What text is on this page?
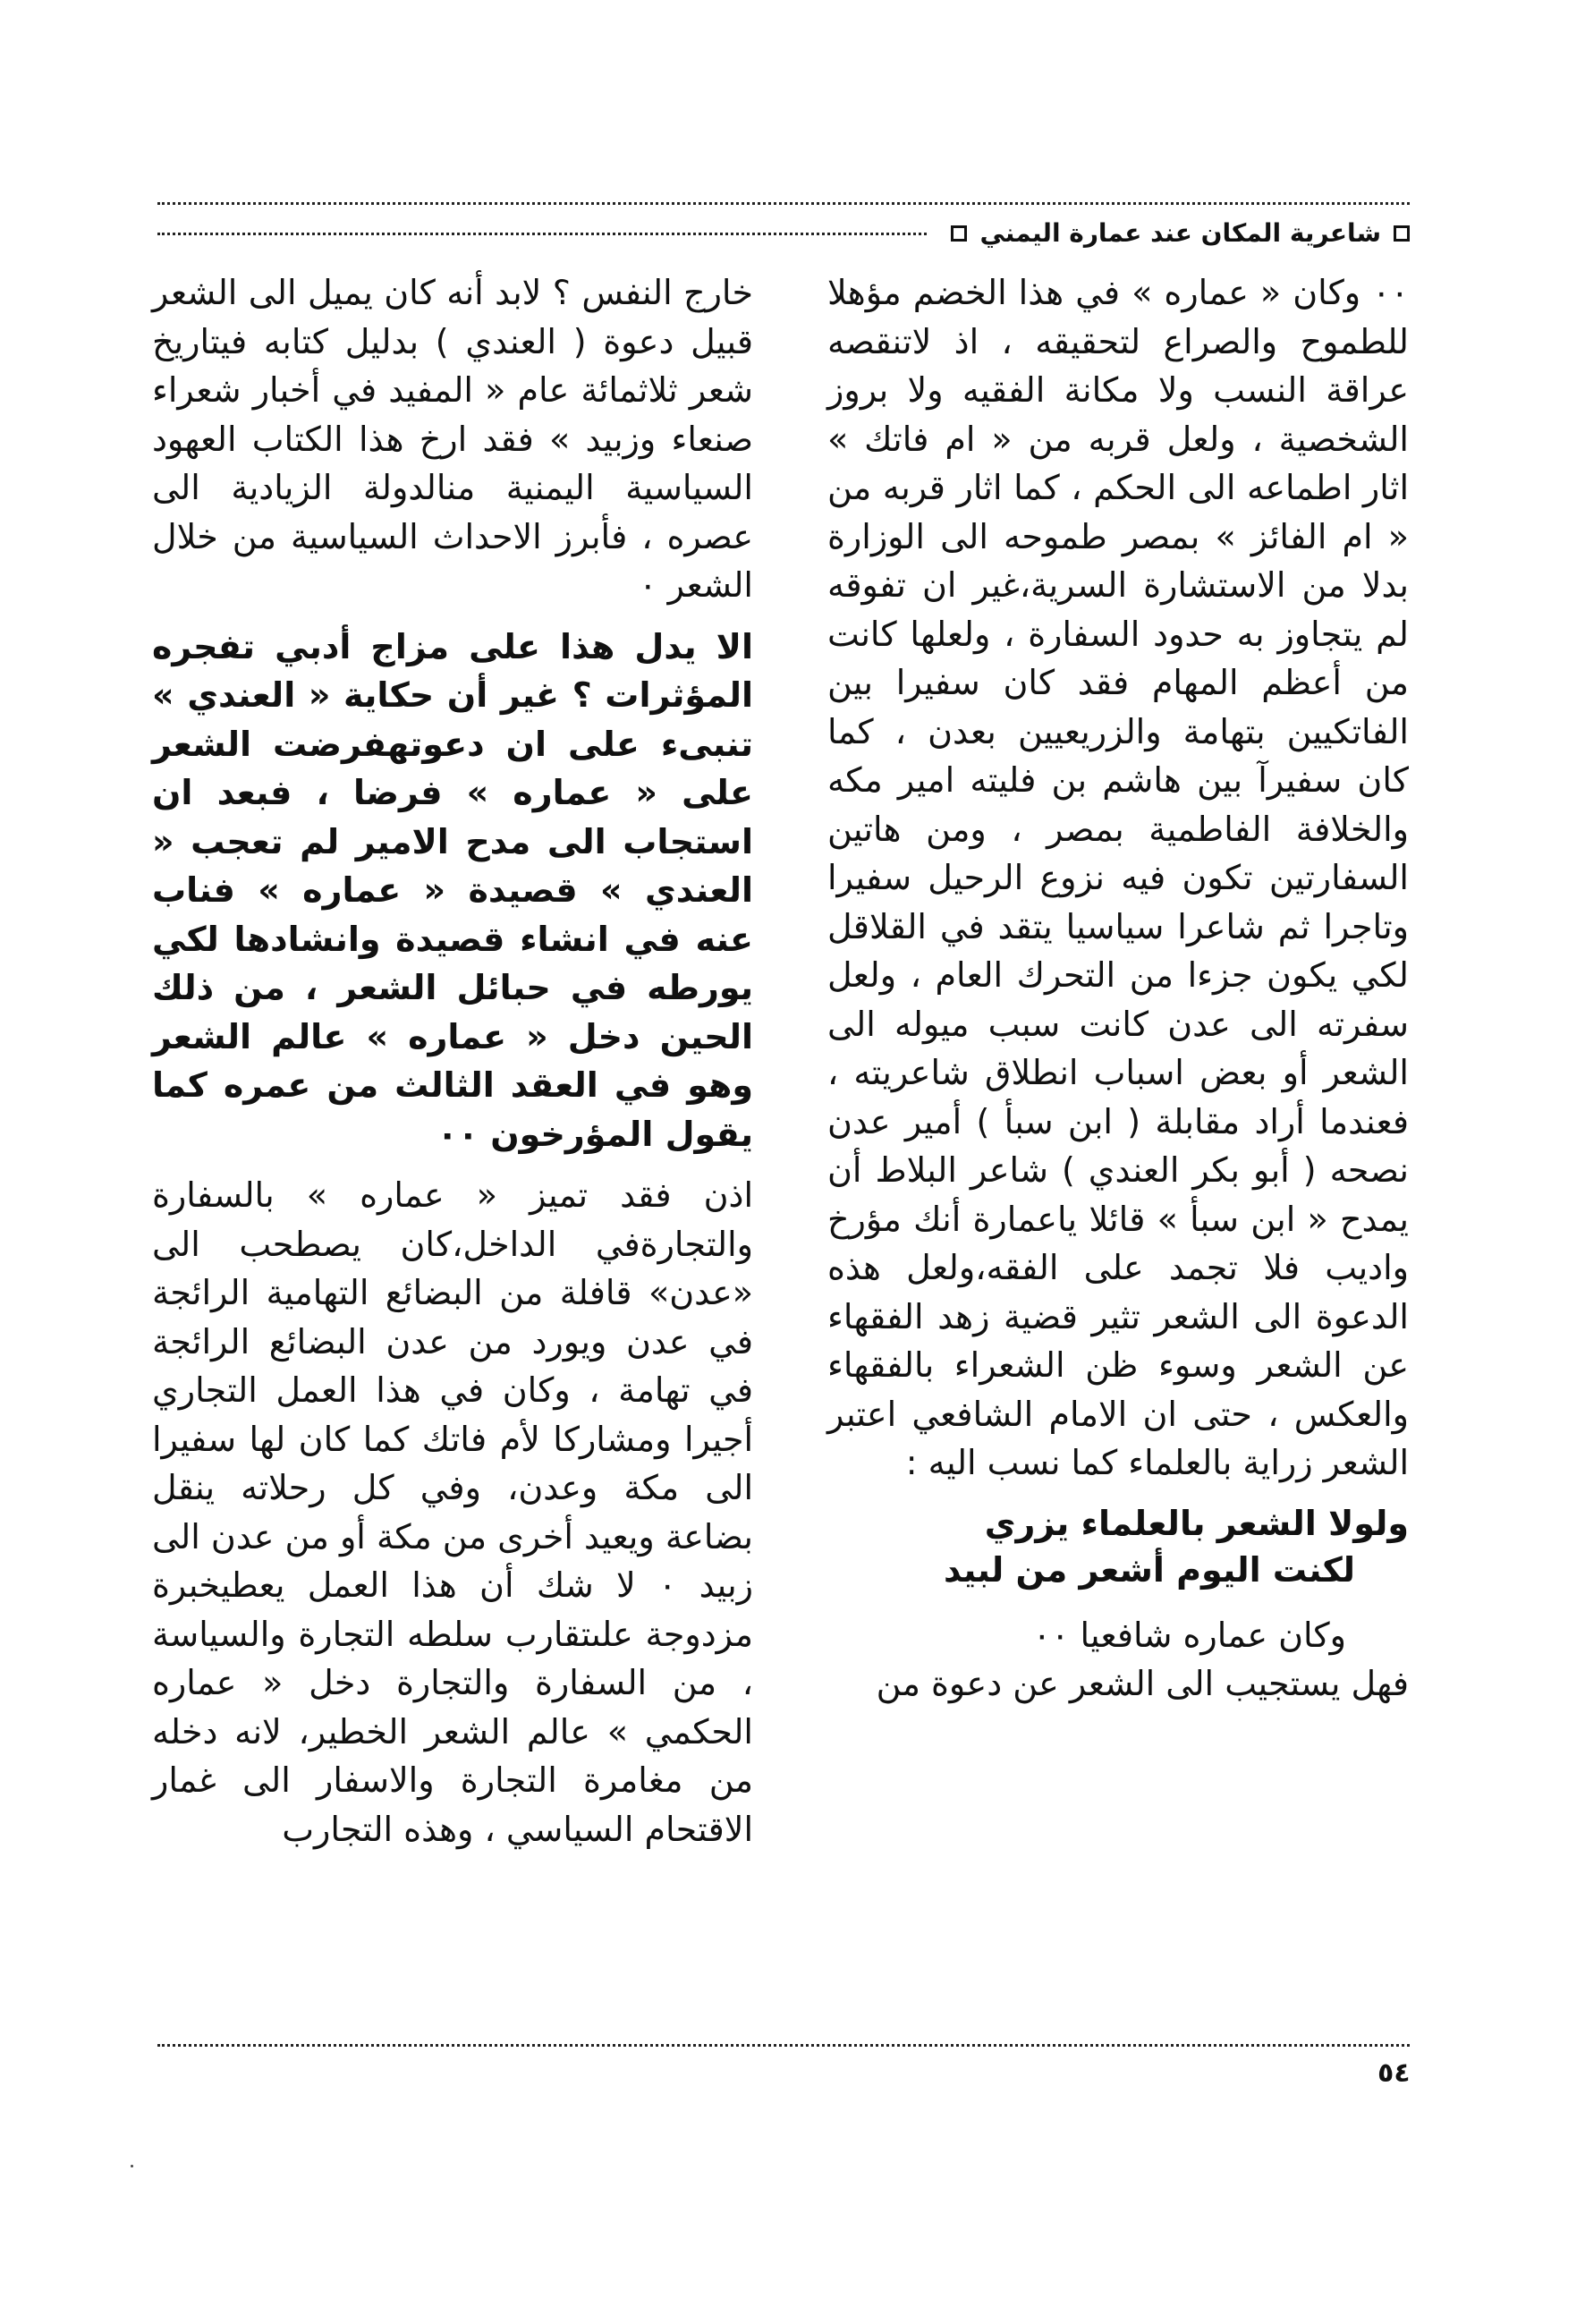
شاعرية المكان عند عمارة اليمني

٠٠ وكان « عماره » في هذا الخضم مؤهلا للطموح والصراع لتحقيقه ، اذ لاتنقصه عراقة النسب ولا مكانة الفقيه ولا بروز الشخصية ، ولعل قربه من « ام فاتك » اثار اطماعه الى الحكم ، كما اثار قربه من « ام الفائز » بمصر طموحه الى الوزارة بدلا من الاستشارة السرية،غير ان تفوقه لم يتجاوز به حدود السفارة ، ولعلها كانت من أعظم المهام فقد كان سفيرا بين الفاتكيين بتهامة والزريعيين بعدن ، كما كان سفيرآ بين هاشم بن فليته امير مكه والخلافة الفاطمية بمصر ، ومن هاتين السفارتين تكون فيه نزوع الرحيل سفيرا وتاجرا ثم شاعرا سياسيا يتقد في القلاقل لكي يكون جزءا من التحرك العام ، ولعل سفرته الى عدن كانت سبب ميوله الى الشعر أو بعض اسباب انطلاق شاعريته ، فعندما أراد مقابلة ( ابن سبأ ) أمير عدن نصحه ( أبو بكر العندي ) شاعر البلاط أن يمدح « ابن سبأ » قائلا ياعمارة أنك مؤرخ واديب فلا تجمد على الفقه،ولعل هذه الدعوة الى الشعر تثير قضية زهد الفقهاء عن الشعر وسوء ظن الشعراء بالفقهاء والعكس ، حتى ان الامام الشافعي اعتبر الشعر زراية بالعلماء كما نسب اليه :

ولولا الشعر بالعلماء يزري
لكنت اليوم أشعر من لبيد
وكان عماره شافعيا ٠٠
فهل يستجيب الى الشعر عن دعوة من

خارج النفس ؟ لابد أنه كان يميل الى الشعر قبيل دعوة ( العندي ) بدليل كتابه فيتاريخ شعر ثلاثمائة عام « المفيد في أخبار شعراء صنعاء وزبيد » فقد ارخ هذا الكتاب العهود السياسية اليمنية منالدولة الزيادية الى عصره ، فأبرز الاحداث السياسية من خلال الشعر ٠

الا يدل هذا على مزاج أدبي تفجره المؤثرات ؟ غير أن حكاية « العندي » تنبىء على ان دعوتهفرضت الشعر على « عماره » فرضا ، فبعد ان استجاب الى مدح الامير لم تعجب « العندي » قصيدة « عماره » فناب عنه في انشاء قصيدة وانشادها لكي يورطه في حبائل الشعر ، من ذلك الحين دخل « عماره » عالم الشعر وهو في العقد الثالث من عمره كما يقول المؤرخون ٠٠

اذن فقد تميز « عماره » بالسفارة والتجارةفي الداخل،كان يصطحب الى «عدن» قافلة من البضائع التهامية الرائجة في عدن ويورد من عدن البضائع الرائجة في تهامة ، وكان في هذا العمل التجاري أجيرا ومشاركا لأم فاتك كما كان لها سفيرا الى مكة وعدن، وفي كل رحلاته ينقل بضاعة ويعيد أخرى من مكة أو من عدن الى زبيد ٠ لا شك أن هذا العمل يعطيخبرة مزدوجة علىتقارب سلطه التجارة والسياسة ، من السفارة والتجارة دخل « عماره الحكمي » عالم الشعر الخطير، لانه دخله من مغامرة التجارة والاسفار الى غمار الاقتحام السياسي ، وهذه التجارب

٥٤
